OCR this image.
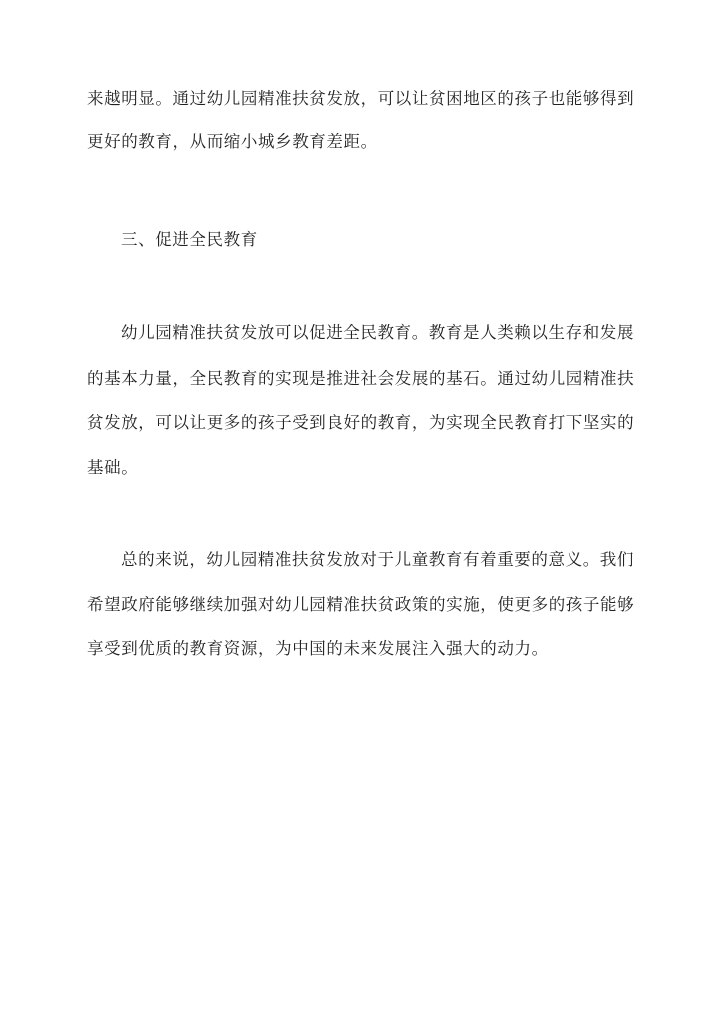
来越明显。通过幼儿园精准扶贫发放，可以让贫困地区的孩子也能够得到
更好的教育，从而缩小城乡教育差距。
三、促进全民教育
幼儿园精准扶贫发放可以促进全民教育。教育是人类赖以生存和发展
的基本力量，全民教育的实现是推进社会发展的基石。通过幼儿园精准扶
贫发放，可以让更多的孩子受到良好的教育，为实现全民教育打下坚实的
基础。
总的来说，幼儿园精准扶贫发放对于儿童教育有着重要的意义。我们
希望政府能够继续加强对幼儿园精准扶贫政策的实施，使更多的孩子能够
享受到优质的教育资源，为中国的未来发展注入强大的动力。
